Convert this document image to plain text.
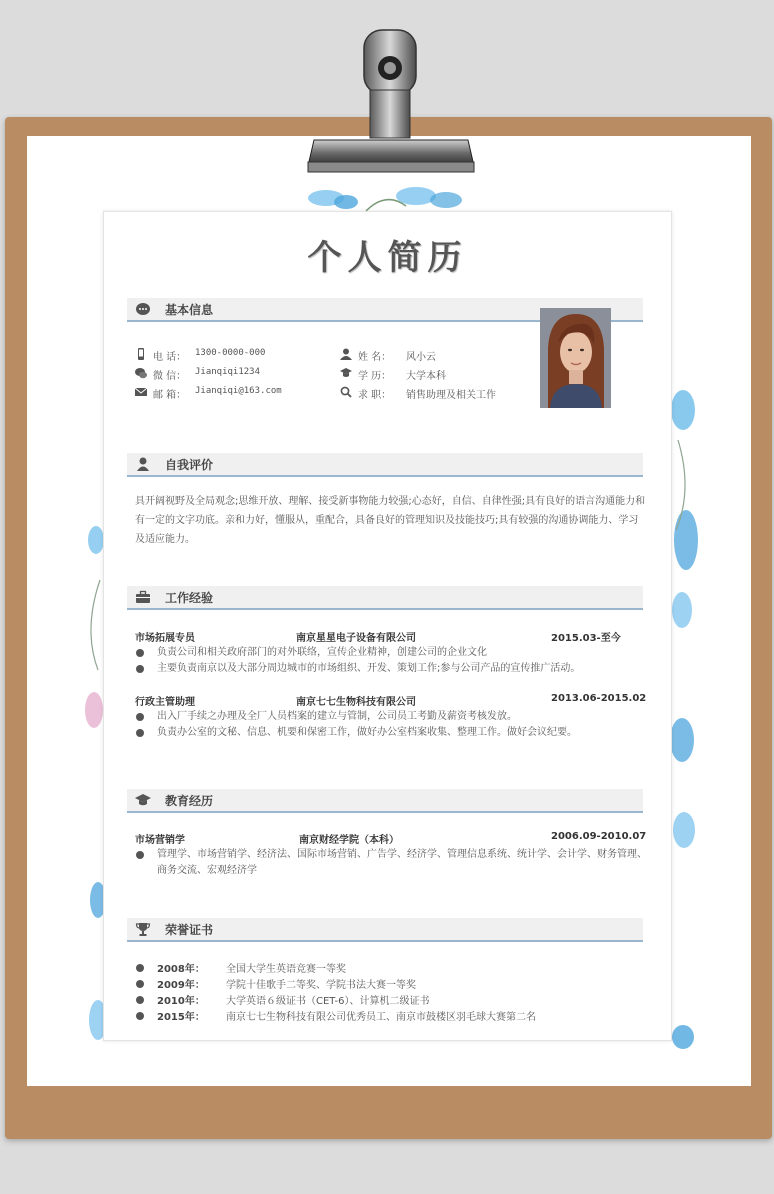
个人简历
基本信息
电 话： 1300-0000-000
微 信： Jianqiqi1234
邮 箱： Jianqiqi@163.com
姓 名： 风小云
学 历： 大学本科
求 职： 销售助理及相关工作
自我评价
具开阔视野及全局观念;思维开放、理解、接受新事物能力较强;心态好，自信、自律性强;具有良好的语言沟通能力和有一定的文字功底。亲和力好，懂服从，重配合，具备良好的管理知识及技能技巧;具有较强的沟通协调能力、学习及适应能力。
工作经验
市场拓展专员	南京星星电子设备有限公司	2015.03-至今
负责公司和相关政府部门的对外联络，宣传企业精神，创建公司的企业文化
主要负责南京以及大部分周边城市的市场组织、开发、策划工作;参与公司产品的宣传推广活动。
行政主管助理	南京七七生物科技有限公司	2013.06-2015.02
出入厂手续之办理及全厂人员档案的建立与管制，公司员工考勤及薪资考核发放。
负责办公室的文秘、信息、机要和保密工作，做好办公室档案收集、整理工作。做好会议纪要。
教育经历
市场营销学	南京财经学院（本科）	2006.09-2010.07
管理学、市场营销学、经济法、国际市场营销、广告学、经济学、管理信息系统、统计学、会计学、财务管理、商务交流、宏观经济学
荣誉证书
2008年： 全国大学生英语竞赛一等奖
2009年： 学院十佳歌手二等奖、学院书法大赛一等奖
2010年： 大学英语６级证书（CET-6）、计算机二级证书
2015年： 南京七七生物科技有限公司优秀员工、南京市鼓楼区羽毛球大赛第二名
